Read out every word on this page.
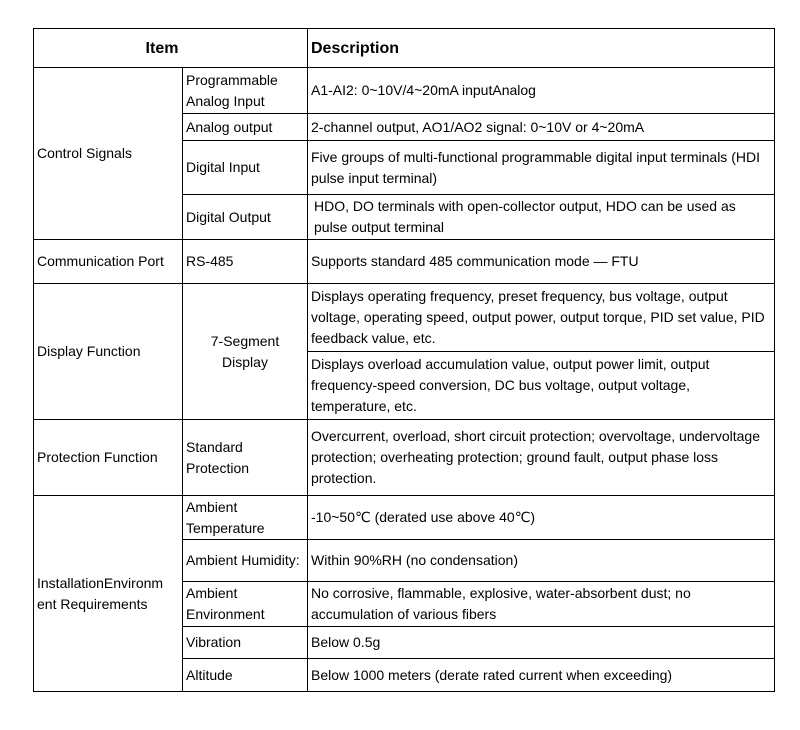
Item		Description
Control Signals	Programmable Analog Input	A1-AI2: 0~10V/4~20mA inputAnalog
	Analog output	2-channel output, AO1/AO2 signal: 0~10V or 4~20mA
	Digital Input	Five groups of multi-functional programmable digital input terminals (HDI pulse input terminal)
	Digital Output	HDO, DO terminals with open-collector output, HDO can be used as pulse output terminal
Communication Port	RS-485	Supports standard 485 communication mode — FTU
Display Function	7-Segment Display	Displays operating frequency, preset frequency, bus voltage, output voltage, operating speed, output power, output torque, PID set value, PID feedback value, etc.
		Displays overload accumulation value, output power limit, output frequency-speed conversion, DC bus voltage, output voltage, temperature, etc.
Protection Function	Standard Protection	Overcurrent, overload, short circuit protection; overvoltage, undervoltage protection; overheating protection; ground fault, output phase loss protection.
InstallationEnvironm ent Requirements	Ambient Temperature	-10~50℃ (derated use above 40℃)
	Ambient Humidity:	Within 90%RH (no condensation)
	Ambient Environment	No corrosive, flammable, explosive, water-absorbent dust; no accumulation of various fibers
	Vibration	Below 0.5g
	Altitude	Below 1000 meters (derate rated current when exceeding)
